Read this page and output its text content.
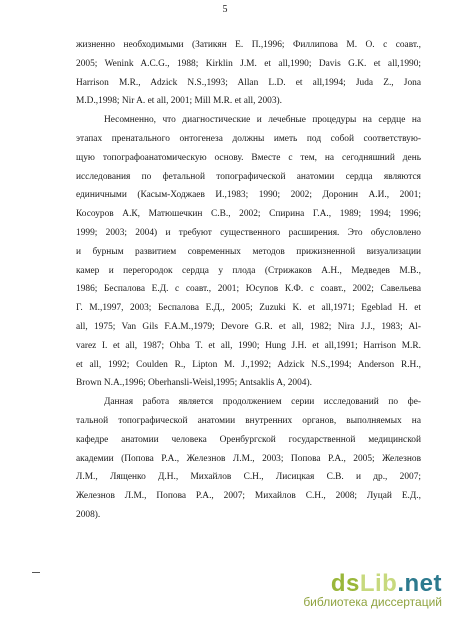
5

жизненно необходимыми (Затикян Е. П.,1996; Филлипова М. О. с соавт.,
2005; Wenink A.C.G., 1988; Kirklin J.M. et all,1990; Davis G.K. et all,1990;
Harrison M.R., Adzick N.S.,1993; Allan L.D. et all,1994; Juda Z., Jona
M.D.,1998; Nir A. et all, 2001; Mill M.R. et all, 2003).

Несомненно, что диагностические и лечебные процедуры на сердце на
этапах пренатального онтогенеза должны иметь под собой соответствую-
щую топографоанатомическую основу. Вместе с тем, на сегодняшний день
исследования по фетальной топографической анатомии сердца являются
единичными (Касым-Ходжаев И.,1983; 1990; 2002; Доронин А.И., 2001;
Косоуров А.К, Матюшечкин С.В., 2002; Спирина Г.А., 1989; 1994; 1996;
1999; 2003; 2004) и требуют существенного расширения. Это обусловлено
и бурным развитием современных методов прижизненной визуализации
камер и перегородок сердца у плода (Стрижаков А.Н., Медведев М.В.,
1986; Беспалова Е.Д. с соавт., 2001; Юсупов К.Ф. с соавт., 2002; Савельева
Г. М.,1997, 2003; Беспалова Е.Д., 2005; Zuzuki K. et all,1971; Egeblad H. et
all, 1975; Van Gils F.A.M.,1979; Devore G.R. et all, 1982; Nira J.J., 1983; Al-
varez I. et all, 1987; Ohba T. et all, 1990; Hung J.H. et all,1991; Harrison M.R.
et all, 1992; Coulden R., Lipton M. J.,1992; Adzick N.S.,1994; Anderson R.H.,
Brown N.A.,1996; Oberhansli-Weisl,1995; Antsaklis A, 2004).

Данная работа является продолжением серии исследований по фе-
тальной топографической анатомии внутренних органов, выполняемых на
кафедре анатомии человека Оренбургской государственной медицинской
академии (Попова Р.А., Железнов Л.М., 2003; Попова Р.А., 2005; Железнов
Л.М., Лященко Д.Н., Михайлов С.Н., Лисицкая С.В. и др., 2007;
Железнов Л.М., Попова Р.А., 2007; Михайлов С.Н., 2008; Луцай Е.Д.,
2008).

dsLib.net
библиотека диссертаций
